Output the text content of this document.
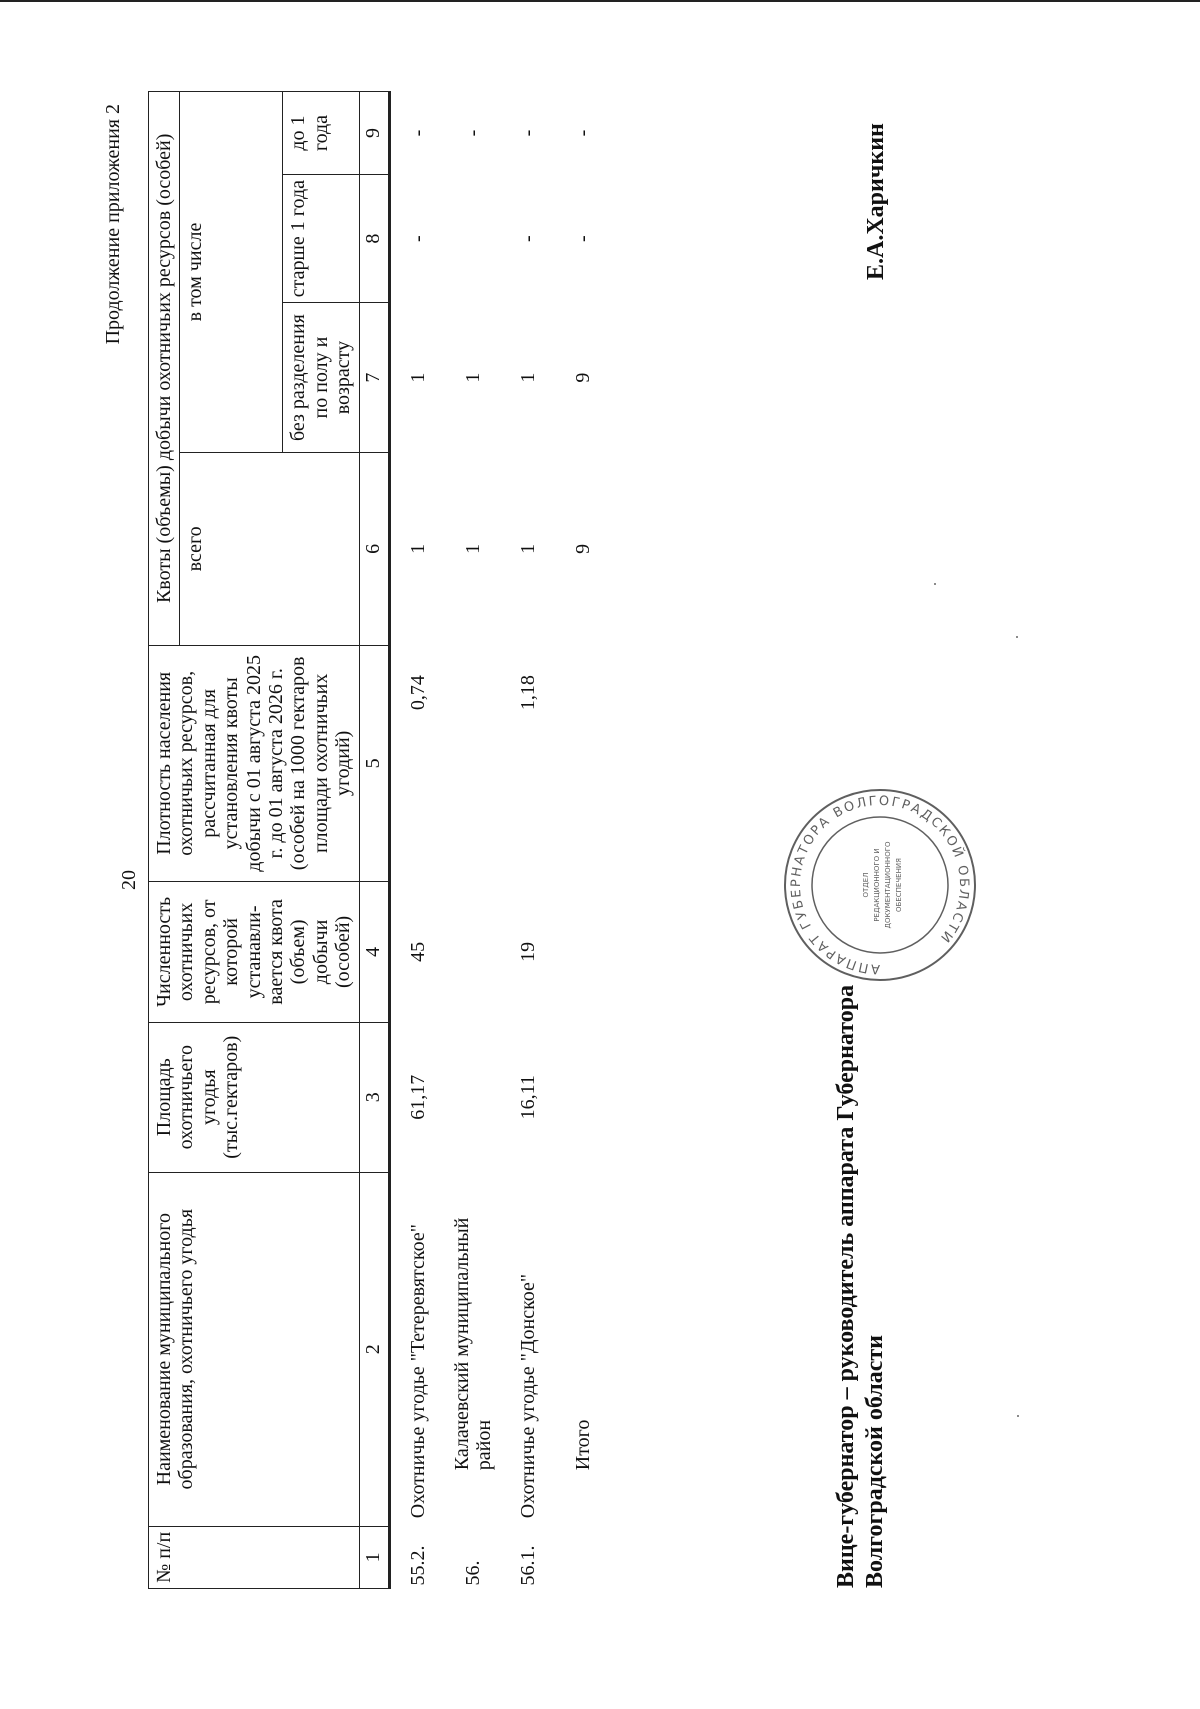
20
Продолжение приложения 2
№ п/п	Наименование муниципального образования, охотничьего угодья	Площадь охотничьего угодья (тыс.гектаров)	Численность охотничьих ресурсов, от которой устанавли- вается квота (объем) добычи (особей)	Плотность населения охотничьих ресурсов, рассчитанная для установления квоты добычи с 01 августа 2025 г. до 01 августа 2026 г. (особей на 1000 гектаров площади охотничьих угодий)	Квоты (объемы) добычи охотничьих ресурсов (особей)			
					всего	в том числе		
						без разделения по полу и возрасту	старше 1 года	до 1 года
1	2	3	4	5	6	7	8	9
55.2.	Охотничье угодье "Тетеревятское"	61,17	45	0,74	1	1	-	-
56.	Калачевский муниципальный район				1	1		-
56.1.	Охотничье угодье "Донское"	16,11	19	1,18	1	1	-	-
	Итого				9	9	-	-
АППАРАТ ГУБЕРНАТОРА ВОЛГОГРАДСКОЙ ОБЛАСТИ
ОТДЕЛ РЕДАКЦИОННОГО И ДОКУМЕНТАЦИОННОГО ОБЕСПЕЧЕНИЯ
Вице-губернатор – руководитель аппарата Губернатора Волгоградской области
Е.А.Харичкин
